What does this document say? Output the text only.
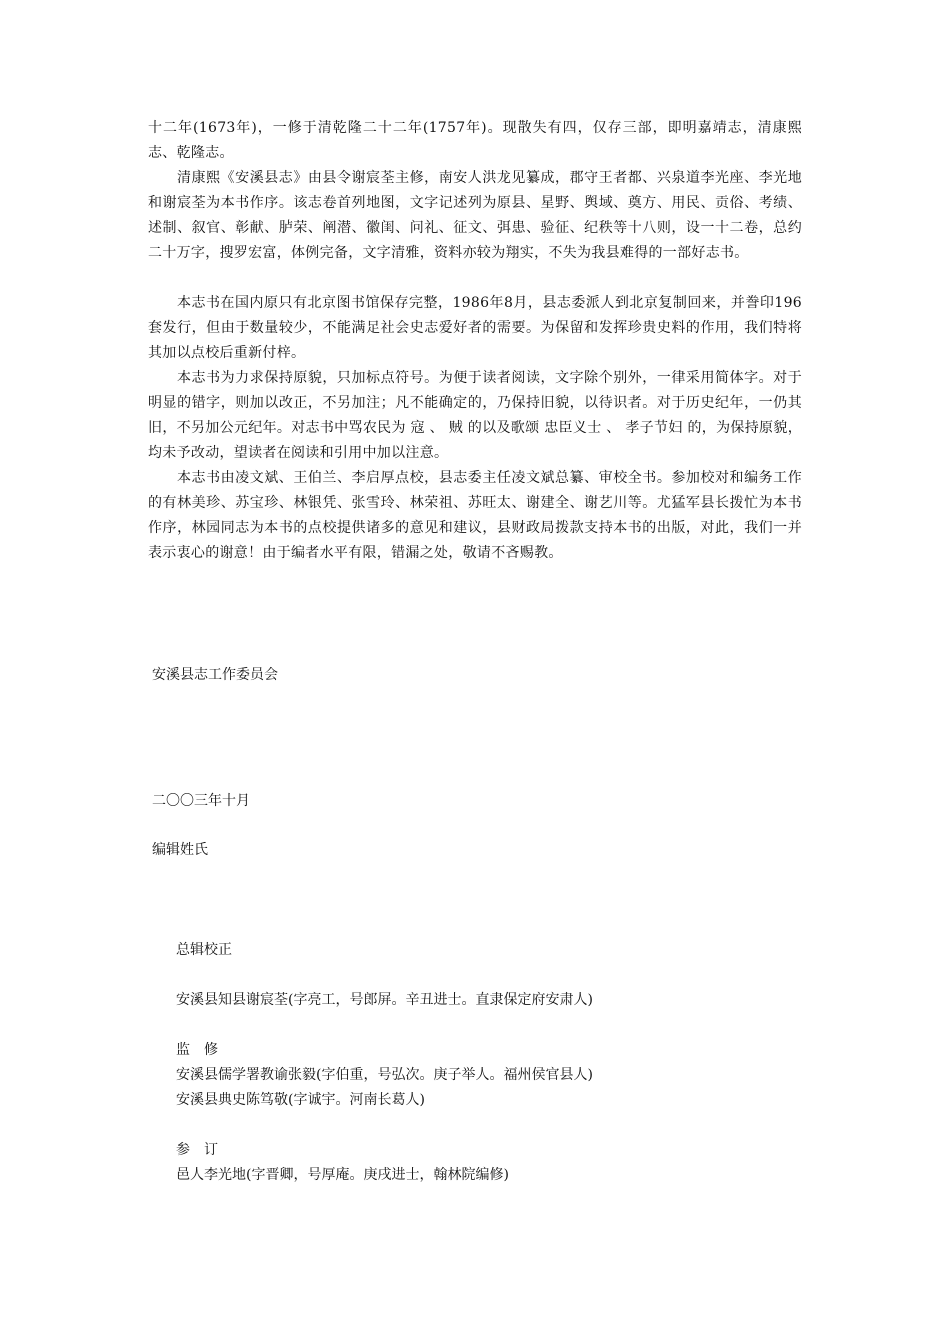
十二年(1673年)，一修于清乾隆二十二年(1757年)。现散失有四，仅存三部，即明嘉靖志，清康熙志、乾隆志。

清康熙《安溪县志》由县令谢宸荃主修，南安人洪龙见纂成，郡守王者都、兴泉道李光座、李光地和谢宸荃为本书作序。该志卷首列地图，文字记述列为原县、星野、舆域、奠方、用民、贡俗、考绩、述制、叙官、彰献、胪荣、阐潜、徽闺、问礼、征文、弭患、验征、纪秩等十八则，设一十二卷，总约二十万字，搜罗宏富，体例完备，文字清雅，资料亦较为翔实，不失为我县难得的一部好志书。

本志书在国内原只有北京图书馆保存完整，1986年8月，县志委派人到北京复制回来，并誊印196套发行，但由于数量较少，不能满足社会史志爱好者的需要。为保留和发挥珍贵史料的作用，我们特将其加以点校后重新付梓。

本志书为力求保持原貌，只加标点符号。为便于读者阅读，文字除个别外，一律采用简体字。对于明显的错字，则加以改正，不另加注；凡不能确定的，乃保持旧貌，以待识者。对于历史纪年，一仍其旧，不另加公元纪年。对志书中骂农民为 寇 、 贼 的以及歌颂 忠臣义士 、 孝子节妇 的，为保持原貌，均未予改动，望读者在阅读和引用中加以注意。

本志书由凌文斌、王伯兰、李启厚点校，县志委主任凌文斌总纂、审校全书。参加校对和编务工作的有林美珍、苏宝珍、林银凭、张雪玲、林荣祖、苏旺太、谢建全、谢艺川等。尤猛军县长拨忙为本书作序，林园同志为本书的点校提供诸多的意见和建议，县财政局拨款支持本书的出版，对此，我们一并表示衷心的谢意！由于编者水平有限，错漏之处，敬请不吝赐教。

安溪县志工作委员会

二〇〇三年十月

编辑姓氏

总辑校正

安溪县知县谢宸荃(字亮工，号郎屏。辛丑进士。直隶保定府安肃人)

监　修

安溪县儒学署教谕张毅(字伯重，号弘次。庚子举人。福州侯官县人)

安溪县典史陈笃敬(字诚宇。河南长葛人)

参　订

邑人李光地(字晋卿，号厚庵。庚戌进士，翰林院编修)
